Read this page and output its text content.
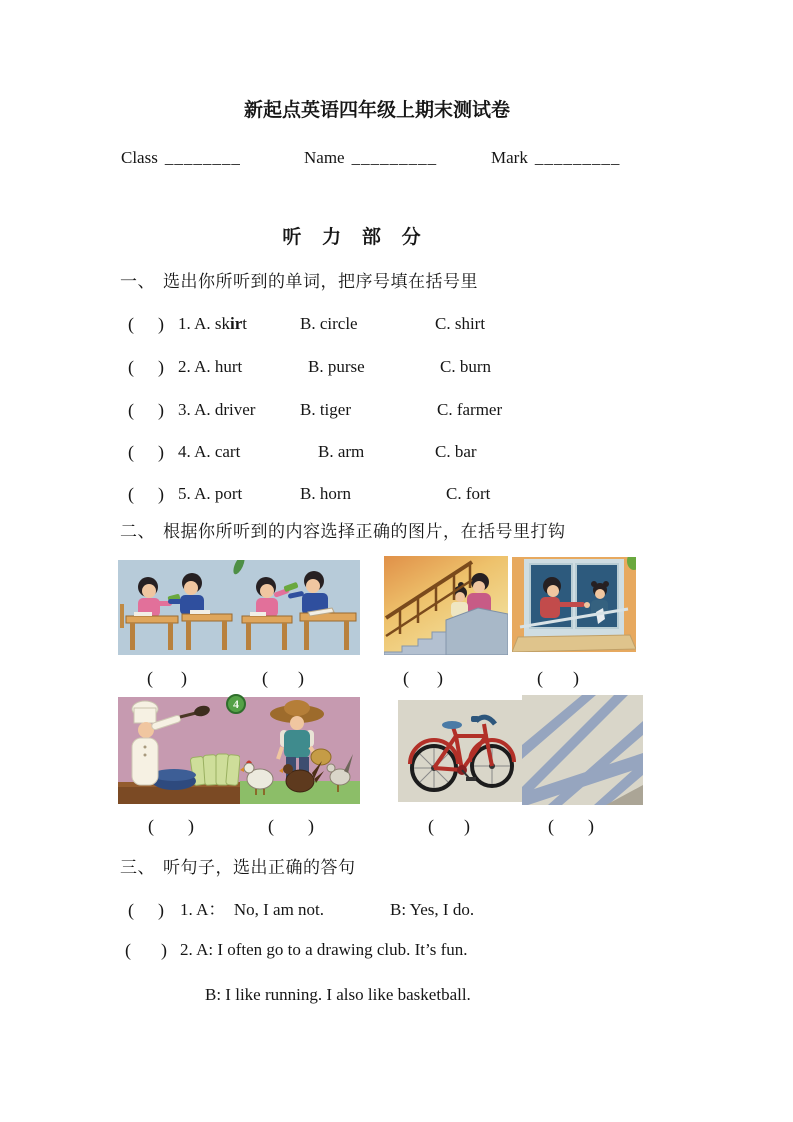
新起点英语四年级上期末测试卷
Class ________	Name _________	Mark _________
听 力 部 分

一、

选出你所听到的单词，把序号填在括号里

( )

1. A. skirt

	B. circle

	C. shirt

( )

2. A. hurt

	B. purse

	C. burn

( )

3. A. driver

	B. tiger

	C. farmer

( )

4. A. cart

	B. arm

	C. bar

( )

5. A. port

	B. horn

	C. fort

二、

根据你所听到的内容选择正确的图片，在括号里打钩

( )

	( )

	( )

	( )

4

( )

	( )

	( )

	( )

三、

听句子，选出正确的答句

( )

1. A：  No, I am not.

	B: Yes, I do.

( )

2. A: I often go to a drawing club. It’s fun.

B: I like running. I also like basketball.
